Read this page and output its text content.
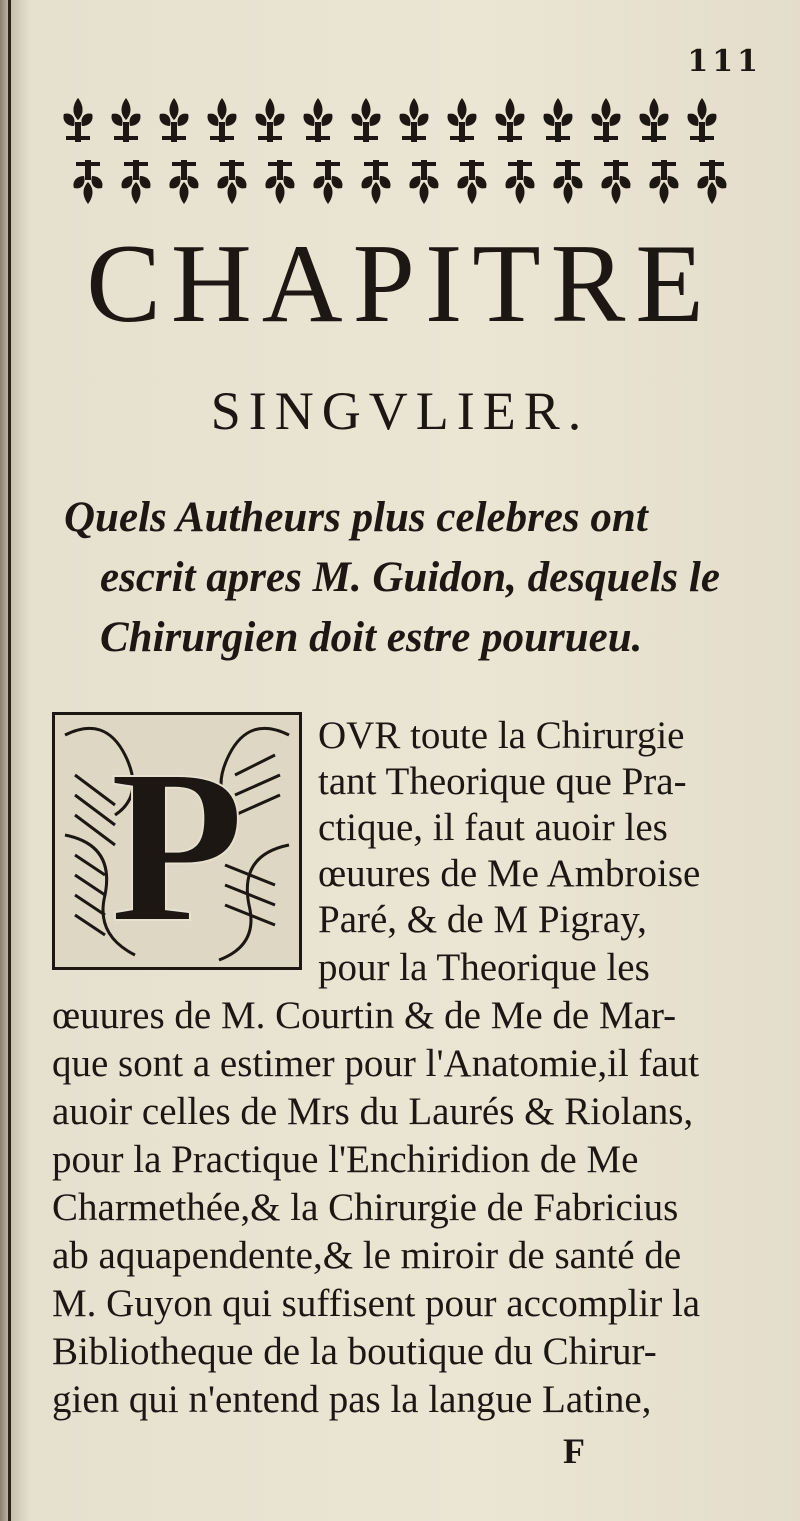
111
CHAPITRE
SINGVLIER.
Quels Autheurs plus celebres ont
escrit apres M. Guidon, desquels le
Chirurgien doit estre pourueu.
P OVR toute la Chirurgie
tant Theorique que Pra-
ctique, il faut auoir les
œuures de Me Ambroise
Paré, & de M Pigray,
pour la Theorique les
œuures de M. Courtin & de Me de Mar-
que sont a estimer pour l'Anatomie,il faut
auoir celles de Mrs du Laurés & Riolans,
pour la Practique l'Enchiridion de Me
Charmethée,& la Chirurgie de Fabricius
ab aquapendente,& le miroir de santé de
M. Guyon qui suffisent pour accomplir la
Bibliotheque de la boutique du Chirur-
gien qui n'entend pas la langue Latine,
F
